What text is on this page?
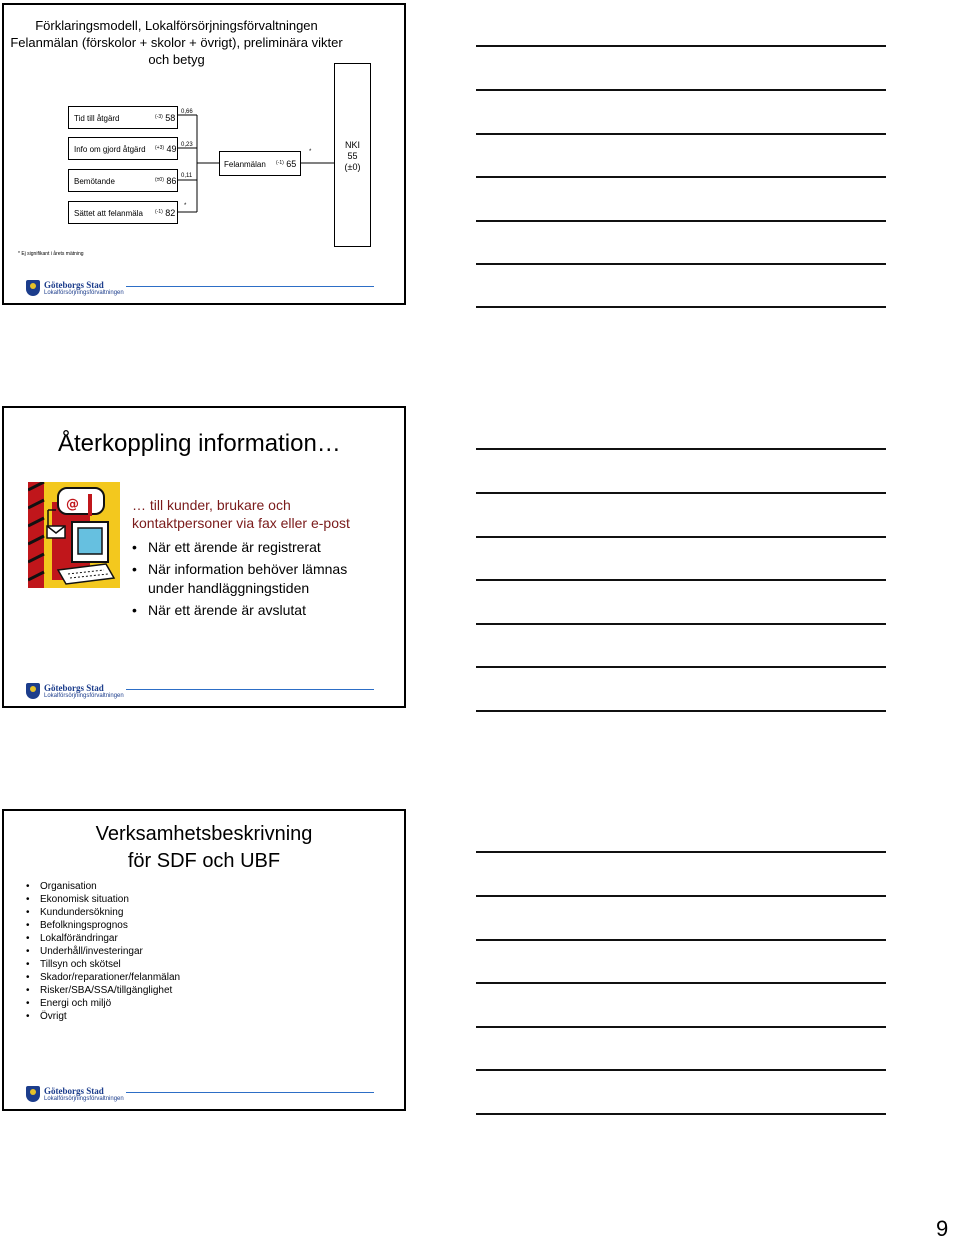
Förklaringsmodell, Lokalförsörjningsförvaltningen
Felanmälan (förskolor + skolor + övrigt), preliminära vikter
och betyg
Tid till åtgärd	$^{(-3)}$ 58
Info om gjord åtgärd $^{(+3)}$ 49
Bemötande	$^{(\pm 0)}$ 86
Sättet att felanmäla $^{(-1)}$ 82
0,66
0,23
0,11
*
Felanmälan $^{(-1)}$ 65
*
NKI
55
(±0)
* Ej signifikant i årets mätning
Göteborgs Stad
Lokalförsörjningsförvaltningen
Återkoppling information…
@	… till kunder, brukare och
kontaktpersoner via fax eller e-post
• När ett ärende är registrerat
• När information behöver lämnas
under handläggningstiden
• När ett ärende är avslutat
Göteborgs Stad
Lokalförsörjningsförvaltningen
Verksamhetsbeskrivning
för SDF och UBF
• Organisation
• Ekonomisk situation
• Kundundersökning
• Befolkningsprognos
• Lokalförändringar
• Underhåll/investeringar
• Tillsyn och skötsel
• Skador/reparationer/felanmälan
• Risker/SBA/SSA/tillgänglighet
• Energi och miljö
• Övrigt
Göteborgs Stad
Lokalförsörjningsförvaltningen
9
